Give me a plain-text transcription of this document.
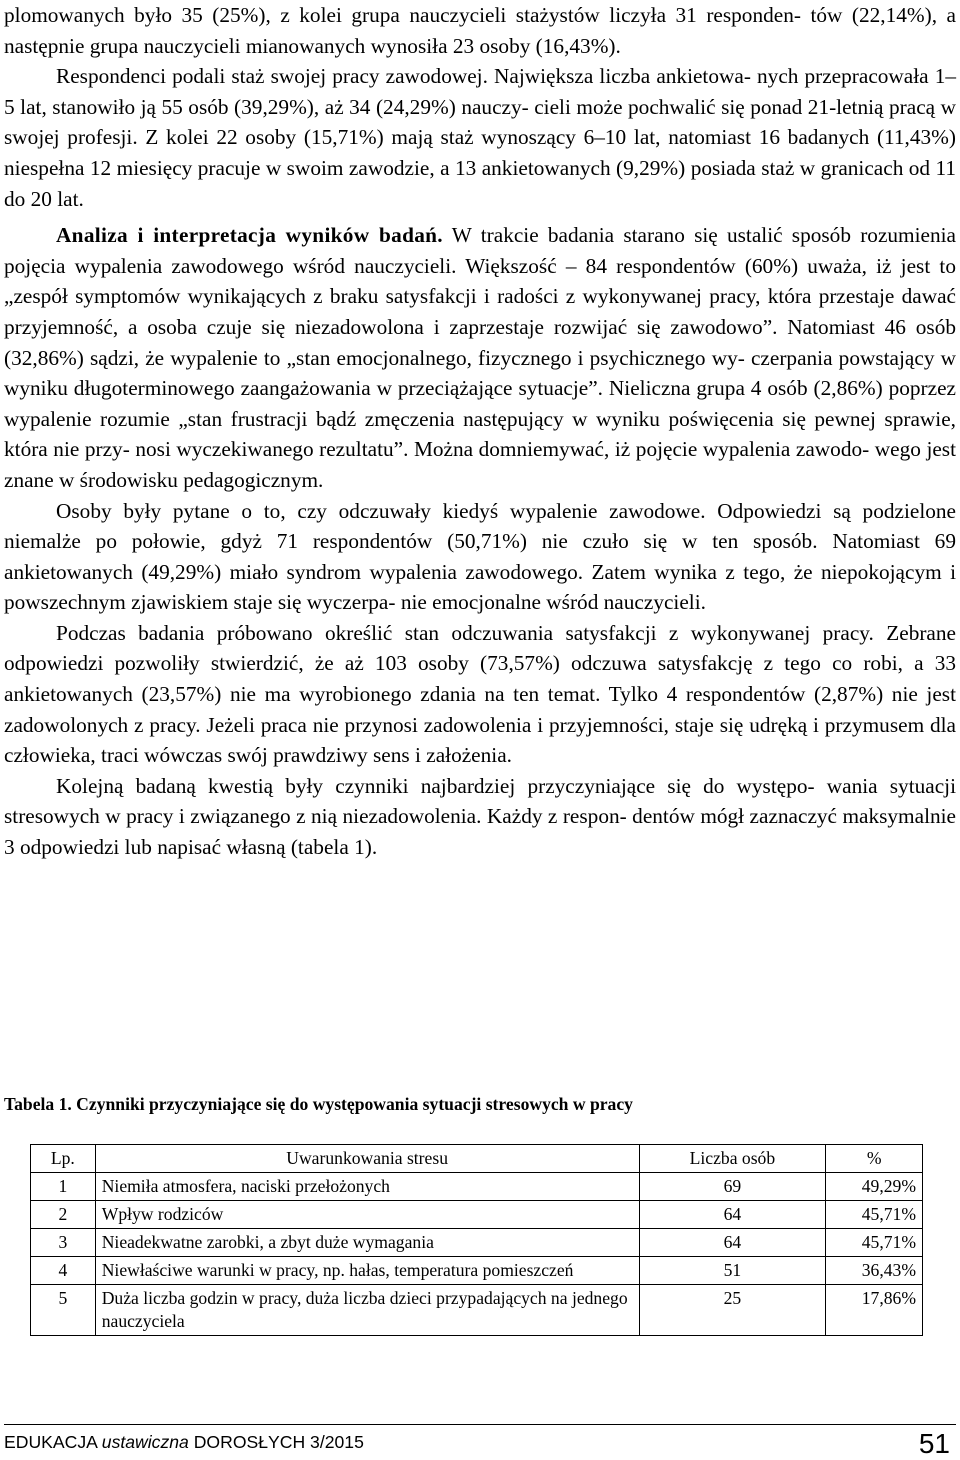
plomowanych było 35 (25%), z kolei grupa nauczycieli stażystów liczyła 31 responden- tów (22,14%), a następnie grupa nauczycieli mianowanych wynosiła 23 osoby (16,43%).

Respondenci podali staż swojej pracy zawodowej. Największa liczba ankietowa- nych przepracowała 1–5 lat, stanowiło ją 55 osób (39,29%), aż 34 (24,29%) nauczy- cieli może pochwalić się ponad 21-letnią pracą w swojej profesji. Z kolei 22 osoby (15,71%) mają staż wynoszący 6–10 lat, natomiast 16 badanych (11,43%) niespełna 12 miesięcy pracuje w swoim zawodzie, a 13 ankietowanych (9,29%) posiada staż w granicach od 11 do 20 lat.

Analiza i interpretacja wyników badań. W trakcie badania starano się ustalić sposób rozumienia pojęcia wypalenia zawodowego wśród nauczycieli. Większość – 84 respondentów (60%) uważa, iż jest to „zespół symptomów wynikających z braku satysfakcji i radości z wykonywanej pracy, która przestaje dawać przyjemność, a osoba czuje się niezadowolona i zaprzestaje rozwijać się zawodowo”. Natomiast 46 osób (32,86%) sądzi, że wypalenie to „stan emocjonalnego, fizycznego i psychicznego wy- czerpania powstający w wyniku długoterminowego zaangażowania w przeciążające sytuacje”. Nieliczna grupa 4 osób (2,86%) poprzez wypalenie rozumie „stan frustracji bądź zmęczenia następujący w wyniku poświęcenia się pewnej sprawie, która nie przy- nosi wyczekiwanego rezultatu”. Można domniemywać, iż pojęcie wypalenia zawodo- wego jest znane w środowisku pedagogicznym.

Osoby były pytane o to, czy odczuwały kiedyś wypalenie zawodowe. Odpowiedzi są podzielone niemalże po połowie, gdyż 71 respondentów (50,71%) nie czuło się w ten sposób. Natomiast 69 ankietowanych (49,29%) miało syndrom wypalenia zawodowego. Zatem wynika z tego, że niepokojącym i powszechnym zjawiskiem staje się wyczerpa- nie emocjonalne wśród nauczycieli.

Podczas badania próbowano określić stan odczuwania satysfakcji z wykonywanej pracy. Zebrane odpowiedzi pozwoliły stwierdzić, że aż 103 osoby (73,57%) odczuwa satysfakcję z tego co robi, a 33 ankietowanych (23,57%) nie ma wyrobionego zdania na ten temat. Tylko 4 respondentów (2,87%) nie jest zadowolonych z pracy. Jeżeli praca nie przynosi zadowolenia i przyjemności, staje się udręką i przymusem dla człowieka, traci wówczas swój prawdziwy sens i założenia.

Kolejną badaną kwestią były czynniki najbardziej przyczyniające się do występo- wania sytuacji stresowych w pracy i związanego z nią niezadowolenia. Każdy z respon- dentów mógł zaznaczyć maksymalnie 3 odpowiedzi lub napisać własną (tabela 1).

Tabela 1. Czynniki przyczyniające się do występowania sytuacji stresowych w pracy
Lp.	Uwarunkowania stresu	Liczba osób	%
1	Niemiła atmosfera, naciski przełożonych	69	49,29%
2	Wpływ rodziców	64	45,71%
3	Nieadekwatne zarobki, a zbyt duże wymagania	64	45,71%
4	Niewłaściwe warunki w pracy, np. hałas, temperatura pomieszczeń	51	36,43%
5	Duża liczba godzin w pracy, duża liczba dzieci przypadających na jednego nauczyciela	25	17,86%
EDUKACJA ustawiczna DOROSŁYCH 3/2015	51
